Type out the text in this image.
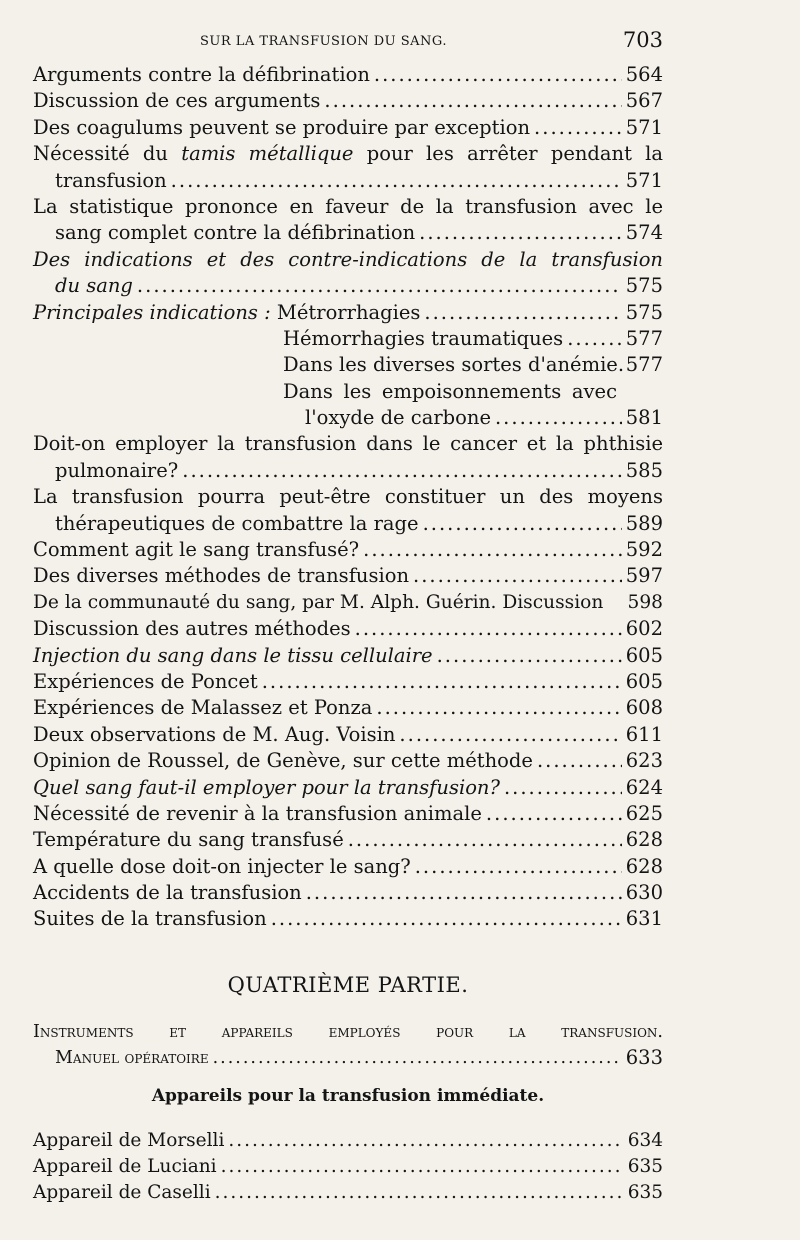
SUR LA TRANSFUSION DU SANG.	703
Arguments contre la défibrination .....	564
Discussion de ces arguments .....	567
Des coagulums peuvent se produire par exception .....	571
Nécessité du tamis métallique pour les arrêter pendant la
transfusion .....	571
La statistique prononce en faveur de la transfusion avec le
sang complet contre la défibrination .....	574
Des indications et des contre-indications de la transfusion
du sang .....	575
Principales indications : Métrorrhagies .....	575
Hémorrhagies traumatiques .....	577
Dans les diverses sortes d'anémie. 577
Dans les empoisonnements avec
l'oxyde de carbone .....	581
Doit-on employer la transfusion dans le cancer et la phthisie
pulmonaire? .....	585
La transfusion pourra peut-être constituer un des moyens
thérapeutiques de combattre la rage .....	589
Comment agit le sang transfusé? .....	592
Des diverses méthodes de transfusion .....	597
De la communauté du sang, par M. Alph. Guérin. Discussion 598
Discussion des autres méthodes .....	602
Injection du sang dans le tissu cellulaire .....	605
Expériences de Poncet .....	605
Expériences de Malassez et Ponza .....	608
Deux observations de M. Aug. Voisin .....	611
Opinion de Roussel, de Genève, sur cette méthode .....	623
Quel sang faut-il employer pour la transfusion? .....	624
Nécessité de revenir à la transfusion animale .....	625
Température du sang transfusé .....	628
A quelle dose doit-on injecter le sang? .....	628
Accidents de la transfusion .....	630
Suites de la transfusion .....	631
QUATRIÈME PARTIE.
Instruments et appareils employés pour la transfusion.
Manuel opératoire .....	633
Appareils pour la transfusion immédiate.
Appareil de Morselli .....	634
Appareil de Luciani .....	635
Appareil de Caselli .....	635
